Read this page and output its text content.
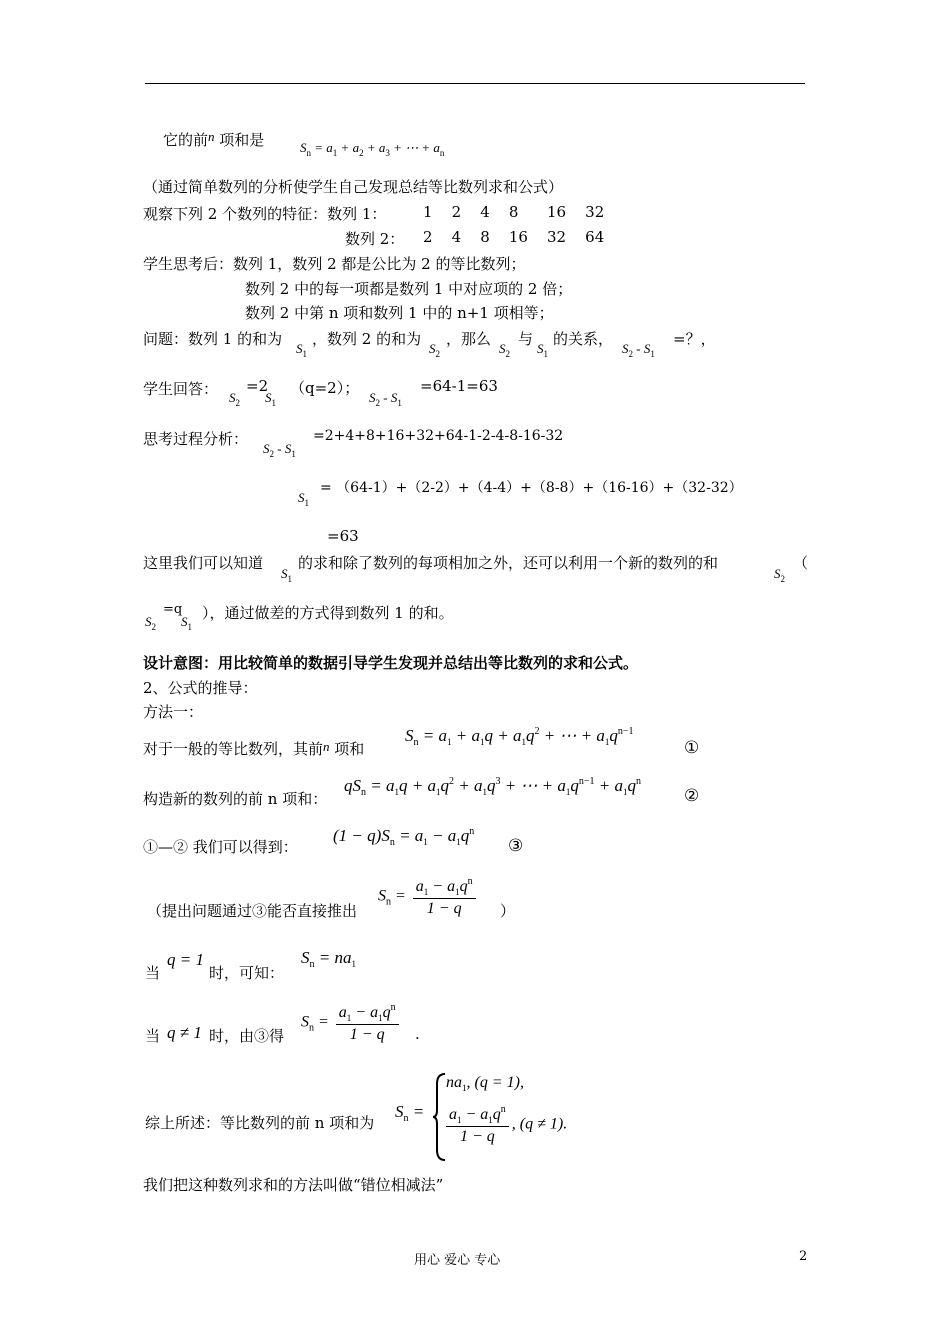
它的前n 项和是	$S_n = a_1 + a_2 + a_3$ + ⋯ + $a_n$
（通过简单数列的分析使学生自己发现总结等比数列求和公式）
观察下列 2 个数列的特征：数列 1： 1    2    4    8      16    32
数列 2： 2    4    8    16    32    64
学生思考后：数列 1，数列 2 都是公比为 2 的等比数列；
数列 2 中的每一项都是数列 1 中对应项的 2 倍；
数列 2 中第 n 项和数列 1 中的 n+1 项相等；
问题：数列 1 的和为
$S_1$
，数列 2 的和为
$S_2$
，那么
$S_2$
与
$S_1$
的关系，
$S_2 - S_1$
=？，
学生回答： $S_2$
=2
$S_1$
（q=2）；
$S_2 - S_1$
=64-1=63
思考过程分析：
$S_2 - S_1$
=2+4+8+16+32+64-1-2-4-8-16-32
$S_1$
= （64-1）+（2-2）+（4-4）+（8-8）+（16-16）+（32-32）
=63
这里我们可以知道
$S_1$
的求和除了数列的每项相加之外，还可以利用一个新的数列的和
$S_2$
（
$S_2$
=q
$S_1$
），通过做差的方式得到数列 1 的和。
设计意图：用比较简单的数据引导学生发现并总结出等比数列的求和公式。
2、公式的推导：
方法一：
对于一般的等比数列，其前n 项和
$S_n = a_1 + a_1q + a_1q^2$ + ⋯ + $a_1q^{n-1}$
①
构造新的数列的前 n 项和：
$qS_n = a_1q + a_1q^2 + a_1q^3$ + ⋯ + $a_1q^{n-1} + a_1q^n$
②
①—② 我们可以得到：
$(1 - q)S_n = a_1 - a_1q^n$
③
（提出问题通过③能否直接推出
$S_n = \frac{a_1 - a_1q^n}{1 - q}$ ）
当
q = 1
时，可知：
$S_n = na_1$
当 q ≠ 1 时，由③得
$S_n = \frac{a_1 - a_1q^n}{1 - q}$ .
综上所述：等比数列的前 n 项和为
$S_n$ =
$na_1$, (q = 1),
$\frac{a_1 - a_1q^n}{1 - q}$ , (q ≠ 1).
我们把这种数列求和的方法叫做“错位相减法”
用心 爱心 专心	2
